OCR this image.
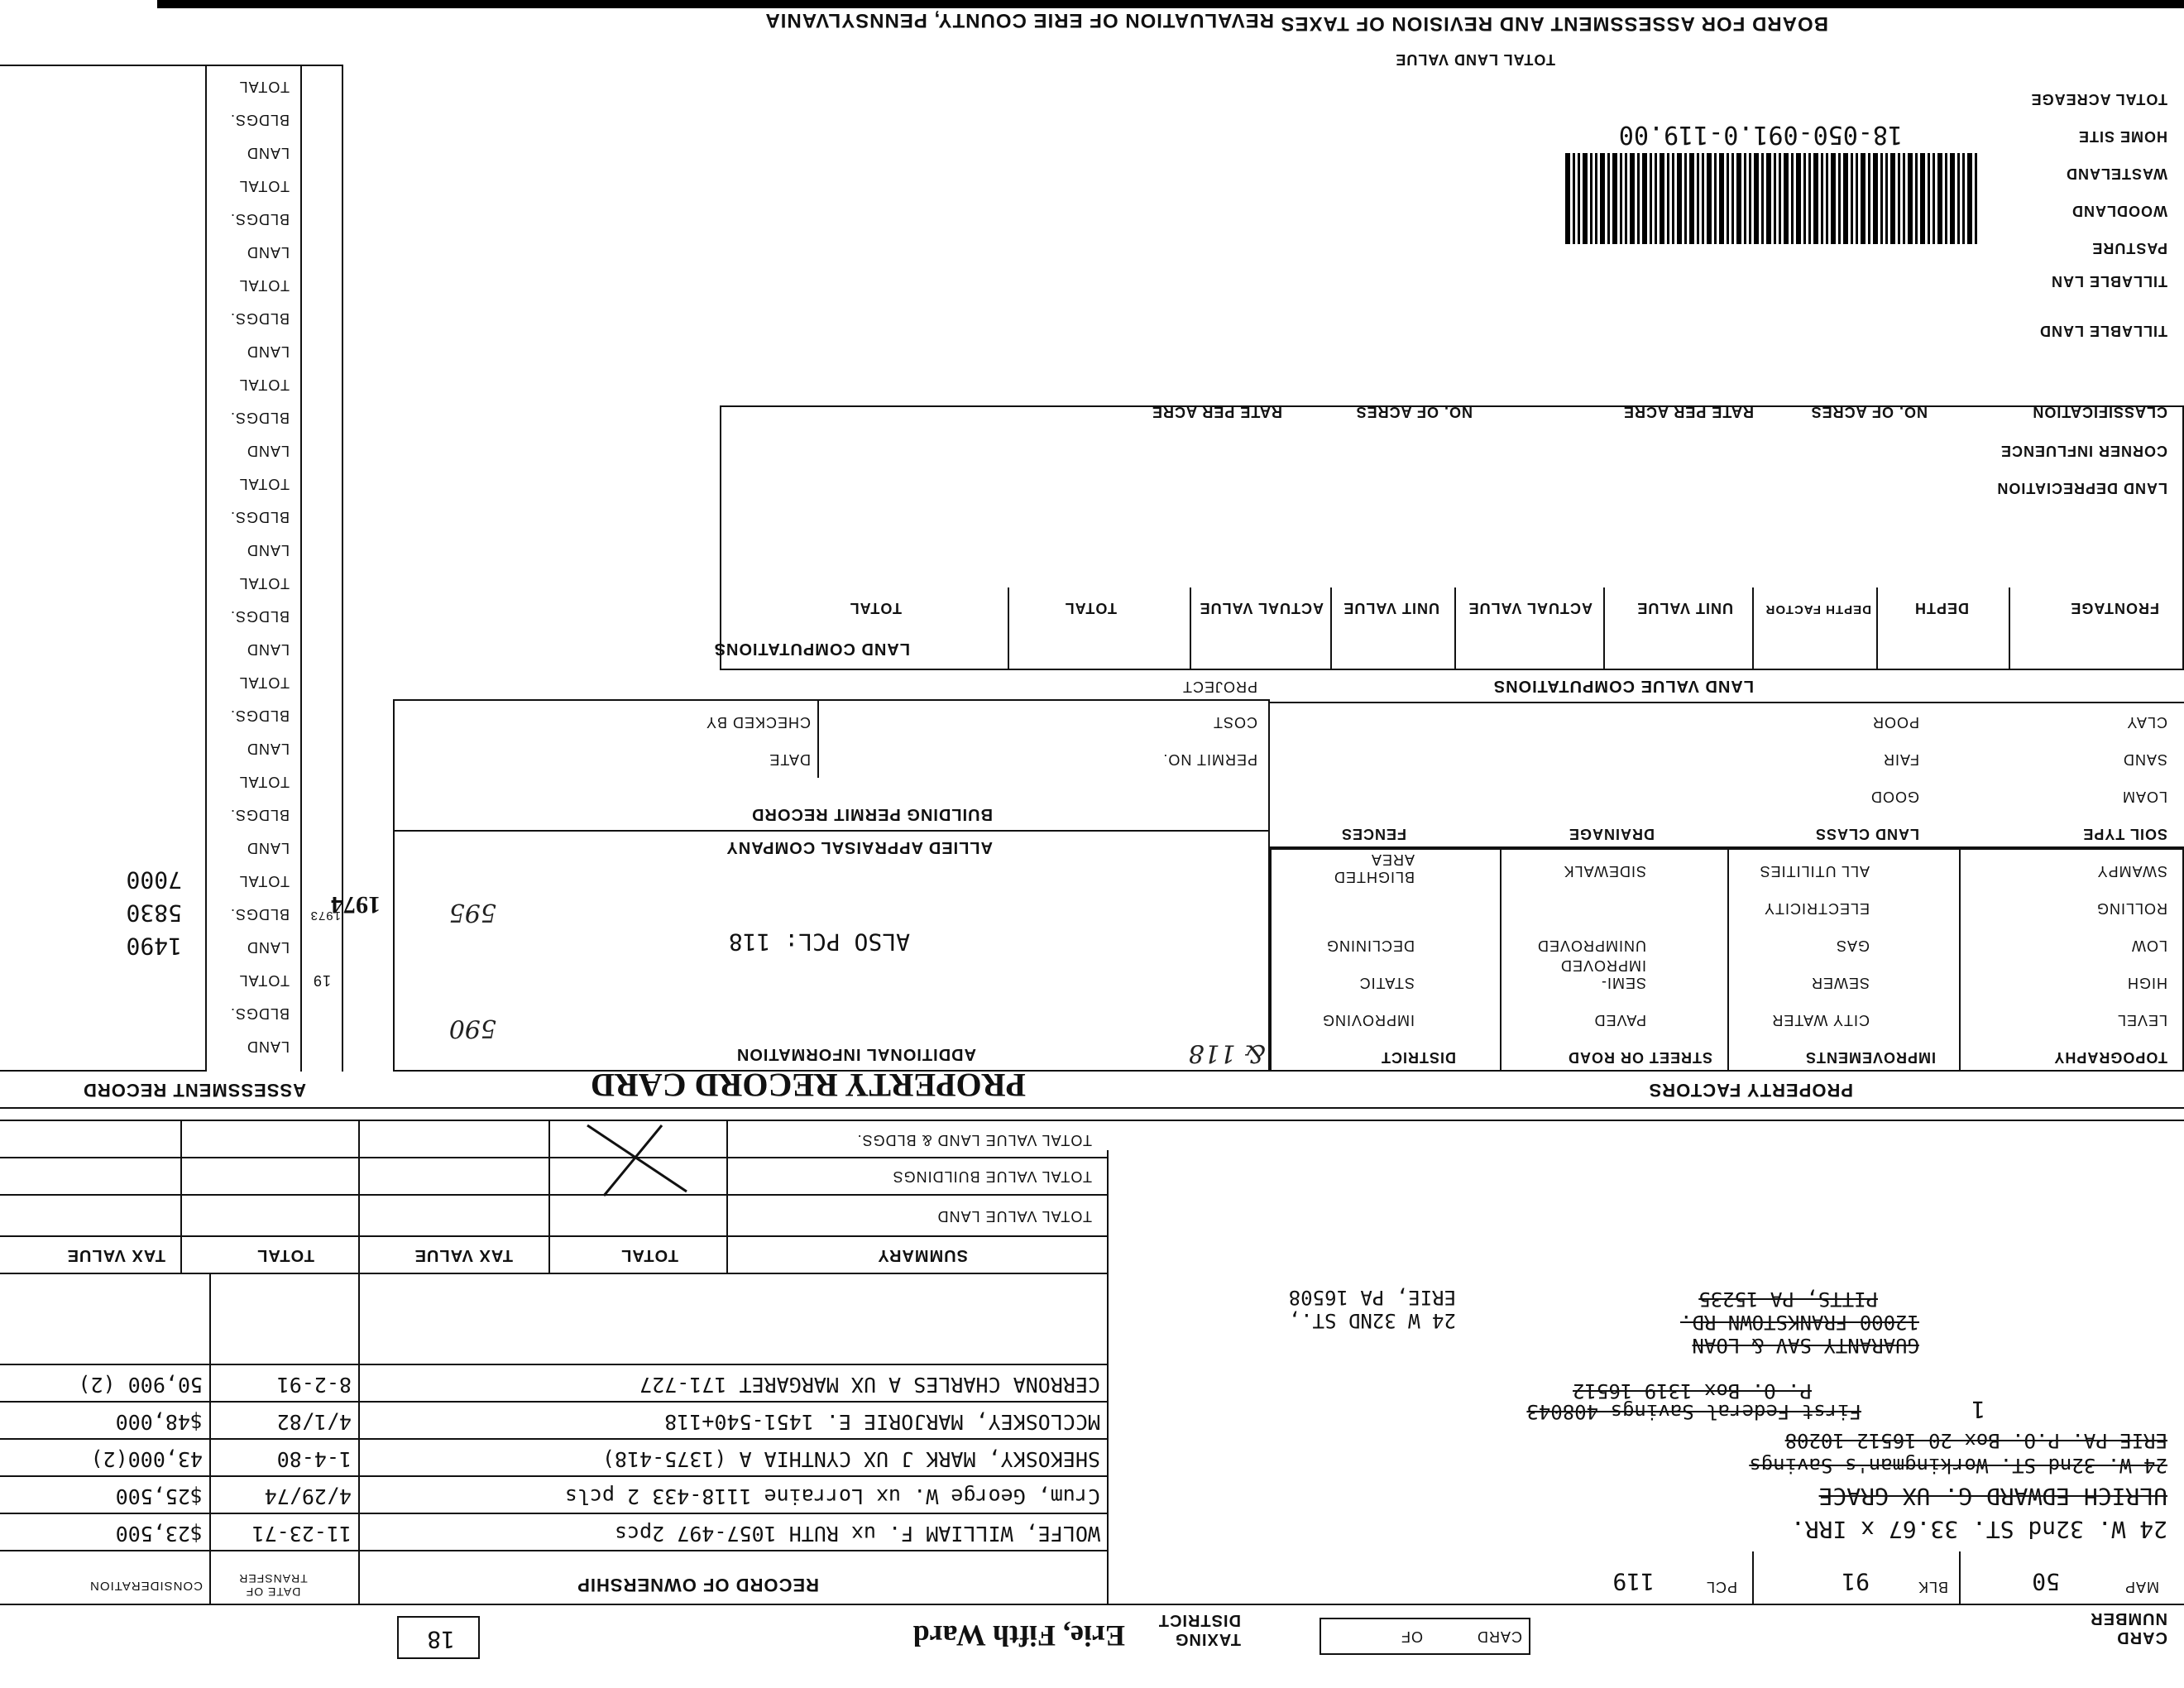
REVALUATION OF ERIE COUNTY, PENNSYLVANIA BOARD FOR ASSESSMENT AND REVISION OF TAXES
CARD NUMBER
CARD
OF
TAXING DISTRICT
Erie, Fifth Ward
18
MAP
50
BLK
91
PCL
119
24 W. 32nd ST. 33.67 x IRR.
ULRICH EDWARD G. UX GRACE
24 W. 32nd ST. Workingman's Savings
ERIE PA. P.O. Box 20 16512 10208
1
First Federal Savings 408043
P. O. Box 1319 16512
GUARANTY SAV & LOAN
12000 FRANKSTOWN RD.
PITTS, PA 15235
24 W 32ND ST.,
ERIE, PA 16508
RECORD OF OWNERSHIP
DATE OF TRANSFER
CONSIDERATION
WOLFE, WILLIAM F. ux RUTH 1057-497 2pcs
11-23-71
$23,500
Crum, George W. ux Lorraine 1118-433 2 pcls
4/29/74
$25,500
SHEKOSKY, MARK J UX CYNTHIA A (1375-418)
1-4-80
43,000(2)
MCCLOSKEY, MARJORIE E. 1451-540+118
4/1/82
$48,000
CERRONA CHARLES A UX MARGARET 171-727
8-2-91
50,900 (2)
SUMMARY
TOTAL
TAX VALUE
TOTAL
TAX VALUE
TOTAL VALUE LAND
TOTAL VALUE BUILDINGS
TOTAL VALUE LAND & BLDGS.
PROPERTY FACTORS
TOPOGRAPHY
IMPROVEMENTS
STREET OR ROAD
DISTRICT
LEVEL
HIGH
LOW
ROLLING
SWAMPY
CITY WATER
SEWER
GAS
ELECTRICITY
ALL UTILITIES
PAVED
SEMI-IMPROVED
UNIMPROVED
SIDEWALK
IMPROVING
STATIC
DECLINING
BLIGHTED AREA
SOIL TYPE
LAND CLASS
DRAINAGE
FENCES
LOAM
SAND
CLAY
GOOD
FAIR
POOR
PROPERTY RECORD CARD
ADDITIONAL INFORMATION
ALSO PCL: 118
& 118
ALLIED APPRAISAL COMPANY
590
595
BUILDING PERMIT RECORD
PERMIT NO.
DATE
COST
CHECKED BY
PROJECT
ASSESSMENT RECORD
LAND
BLDGS.
TOTAL 19
LAND
BLDGS.
TOTAL
1973
1490
5830
7000
1974
LAND
BLDGS.
TOTAL
LAND
BLDGS.
TOTAL
LAND
BLDGS.
TOTAL
LAND
BLDGS.
TOTAL
LAND
BLDGS.
TOTAL
LAND
BLDGS.
TOTAL
LAND
BLDGS.
TOTAL
LAND
BLDGS.
TOTAL
LAND VALUE COMPUTATIONS
LAND COMPUTATIONS
FRONTAGE
DEPTH
DEPTH FACTOR
UNIT VALUE
ACTUAL VALUE
UNIT VALUE
ACTUAL VALUE
TOTAL
TOTAL
LAND DEPRECIATION
CORNER INFLUENCE
CLASSIFICATION
NO. OF ACRES
RATE PER ACRE
NO. OF ACRES
RATE PER ACRE
TILLABLE LAND
TILLABLE LAN
PASTURE
WOODLAND
WASTELAND
HOME SITE
TOTAL ACREAGE
TOTAL LAND VALUE
18-050-091.0-119.00
